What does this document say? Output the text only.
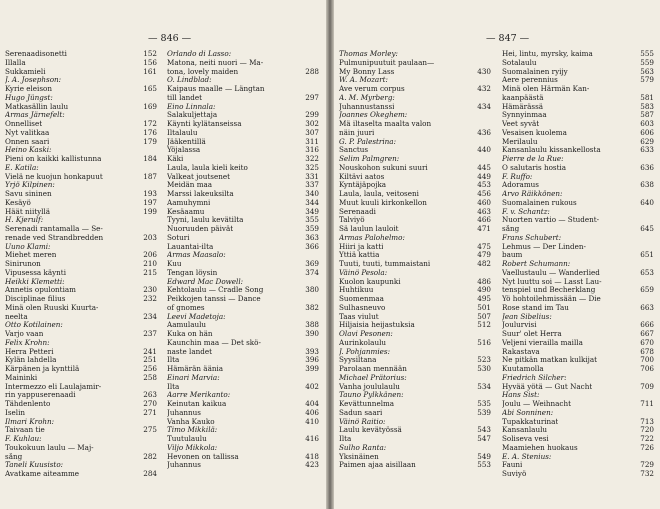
— 846 —
Serenaadisonetti	152
Illalla	156
Sukkamieli	161
J. A. Josephson:
Kyrie eleison	165
Hugo Jüngst:
Matkasällin laulu	169
Armas Järnefelt:
Onnelliset	172
Nyt valitkaa	176
Onnen saari	179
Heino Kaski:
Pieni on kaikki kallistunna	184
E. Katila:
Vielä ne kuojun honkapuut	187
Yrjö Kilpinen:
Savu sininen	193
Kesäyö	197
Häät niityllä	199
H. Kjerulf:
Serenadi rantamalla — Se-
renade ved Strandbredden	203
Uuno Klami:
Miehet meren	206
Sinirunon	210
Vipusessa käynti	215
Heikki Klemetti:
Annetis opulontiam	230
Disciplinae filius	232
Minä olen Ruuski Kuurta-
neelta	234
Otto Kotilainen:
Varjo vaan	237
Felix Krohn:
Herra Petteri	241
Kylän lahdella	251
Kärpänen ja kynttilä	256
Maininki	258
Intermezzo eli Laulajamir-
rin yappuserenaadi	263
Tähdenlento	270
Iselin	271
Ilmari Krohn:
Taivaan tie	275
F. Kuhlau:
Toukokuun laulu — Maj-
sång	282
Taneli Kuusisto:
Avatkame aiteamme	284
Orlando di Lasso:
Matona, neiti nuori — Ma-
tona, lovely maiden	288
O. Lindblad:
Kaipaus maalle — Längtan
till landet	297
Eino Linnala:
Salakuljettaja	299
Käynti kylätanseissa	302
Iltalaulu	307
Jääkentillä	311
Yöjalassa	316
Käki	322
Laula, laula kieli keito	325
Valkeat joutsenet	331
Meidän maa	337
Marssi lakeuksilta	340
Aamuhymni	344
Kesäaamu	349
Tyyni, laulu kevätilta	355
Nuoruuden päivät	359
Soturi	363
Lauantai-ilta	366
Armas Maasalo:
Kuu	369
Tengan löysin	374
Edward Mac Dowell:
Kehtolaulu — Cradle Song	380
Peikkojen tanssi — Dance
of gnomes	382
Leevi Madetoja:
Aamulaulu	388
Kuka on hän	390
Kaunchin maa — Det skö-
naste landet	393
Ilta	396
Hämärän äänia	399
Einari Marvia:
Ilta	402
Aarre Merikanto:
Keinutan kaikua	404
Juhannus	406
Vanha Kauko	410
Timo Mikkilä:
Tuutulaulu	416
Viljo Mikkola:
Hevonen on tallissa	418
Juhannus	423
— 847 —
Thomas Morley:
Pulmunipuutuit paulaan—
My Bonny Lass	430
W. A. Mozart:
Ave verum corpus	432
A. M. Myrberg:
Juhannustanssi	434
Joannes Okeghem:
Mä iltaselta maalta valon
näin juuri	436
G. P. Palestrina:
Sanctus	440
Selim Palmgren:
Nouskohon sukuni suuri	445
Kiltävi aatos	449
Kyntäjäpojka	453
Laula, laula, veitoseni	456
Muut kuuli kirkonkellon	460
Serenaadi	463
Talviyö	466
Sä laulun lauloit	471
Armas Palohelmo:
Hiiri ja katti	475
Yttiä kattia	479
Tuuti, tuuti, tummaistani	482
Väinö Pesola:
Kuolon kaupunki	486
Huhtikuu	490
Suomenmaa	495
Sulhasneuvo	501
Taas viulut	507
Hiljaisia heijastuksia	512
Olavi Pesonen:
Aurinkolaulu	516
J. Pohjanmies:
Syysiltana	523
Parolaan mennään	530
Michael Prätorius:
Vanha joululaulu	534
Tauno Pylkkänen:
Kevättunnelma	535
Sadun saari	539
Väinö Raitio:
Laulu kevätyössä	543
Ilta	547
Sulho Ranta:
Yksinäinen	549
Paimen ajaa aisillaan	553
Hei, lintu, myrsky, kaima	555
Sotalaulu	559
Suomalainen ryijy	563
Aere perennius	579
Minä olen Härmän Kan-
kaanpäästä	581
Hämärässä	583
Synnyinmaa	587
Veet syvät	603
Vesaisen kuolema	606
Merilaulu	629
Kansanlaulu kissankellosta	633
Pierre de la Rue:
O salutaris hostia	636
F. Ruffo:
Adoramus	638
Arvo Räikkönen:
Suomalainen rukous	640
F. v. Schantz:
Nuorten vartio — Student-
sång	645
Frans Schubert:
Lehmus — Der Linden-
baum	651
Robert Schumann:
Vaellustaulu — Wanderlied	653
Nyt luuttu soi — Lasst Lau-
tenspiel und Becherklang	659
Yö hohtoilehmissään — Die
Rose stand im Tau	663
Jean Sibelius:
Joulurvisi	666
Suur' olet Herra	667
Veljeni vierailla mailla	670
Rakastava	678
Ne pitkän matkan kulkijat	700
Kuutamolla	706
Friedrich Silcher:
Hyvää yötä — Gut Nacht	709
Hans Sist:
Joulu — Weihnacht	711
Abi Sonninen:
Tupakkaturinat	713
Kansanlaulu	720
Soliseva vesi	722
Maamiehen huokaus	726
E. A. Stenius:
Fauni	729
Suviyö	732
